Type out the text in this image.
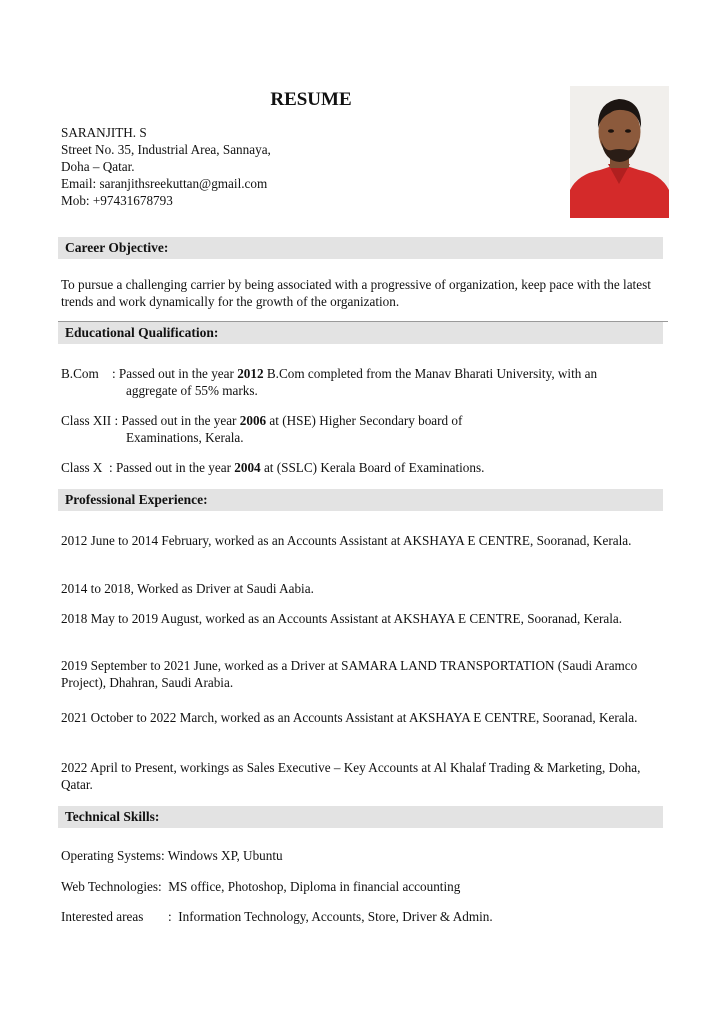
RESUME
SARANJITH. S
Street No. 35, Industrial Area, Sannaya,
Doha – Qatar.
Email: saranjithsreekuttan@gmail.com
Mob: +97431678793
Career Objective:
To pursue a challenging carrier by being associated with a progressive of organization, keep pace with the latest trends and work dynamically for the growth of the organization.
Educational Qualification:
B.Com : Passed out in the year 2012 B.Com completed from the Manav Bharati University, with an
aggregate of 55% marks.
Class XII : Passed out in the year 2006 at (HSE) Higher Secondary board of
Examinations, Kerala.
Class X : Passed out in the year 2004 at (SSLC) Kerala Board of Examinations.
Professional Experience:
2012 June to 2014 February, worked as an Accounts Assistant at AKSHAYA E CENTRE, Sooranad, Kerala.
2014 to 2018, Worked as Driver at Saudi Aabia.
2018 May to 2019 August, worked as an Accounts Assistant at AKSHAYA E CENTRE, Sooranad, Kerala.
2019 September to 2021 June, worked as a Driver at SAMARA LAND TRANSPORTATION (Saudi Aramco Project), Dhahran, Saudi Arabia.
2021 October to 2022 March, worked as an Accounts Assistant at AKSHAYA E CENTRE, Sooranad, Kerala.
2022 April to Present, workings as Sales Executive – Key Accounts at Al Khalaf Trading & Marketing, Doha, Qatar.
Technical Skills:
Operating Systems: Windows XP, Ubuntu
Web Technologies: MS office, Photoshop, Diploma in financial accounting
Interested areas : Information Technology, Accounts, Store, Driver & Admin.
